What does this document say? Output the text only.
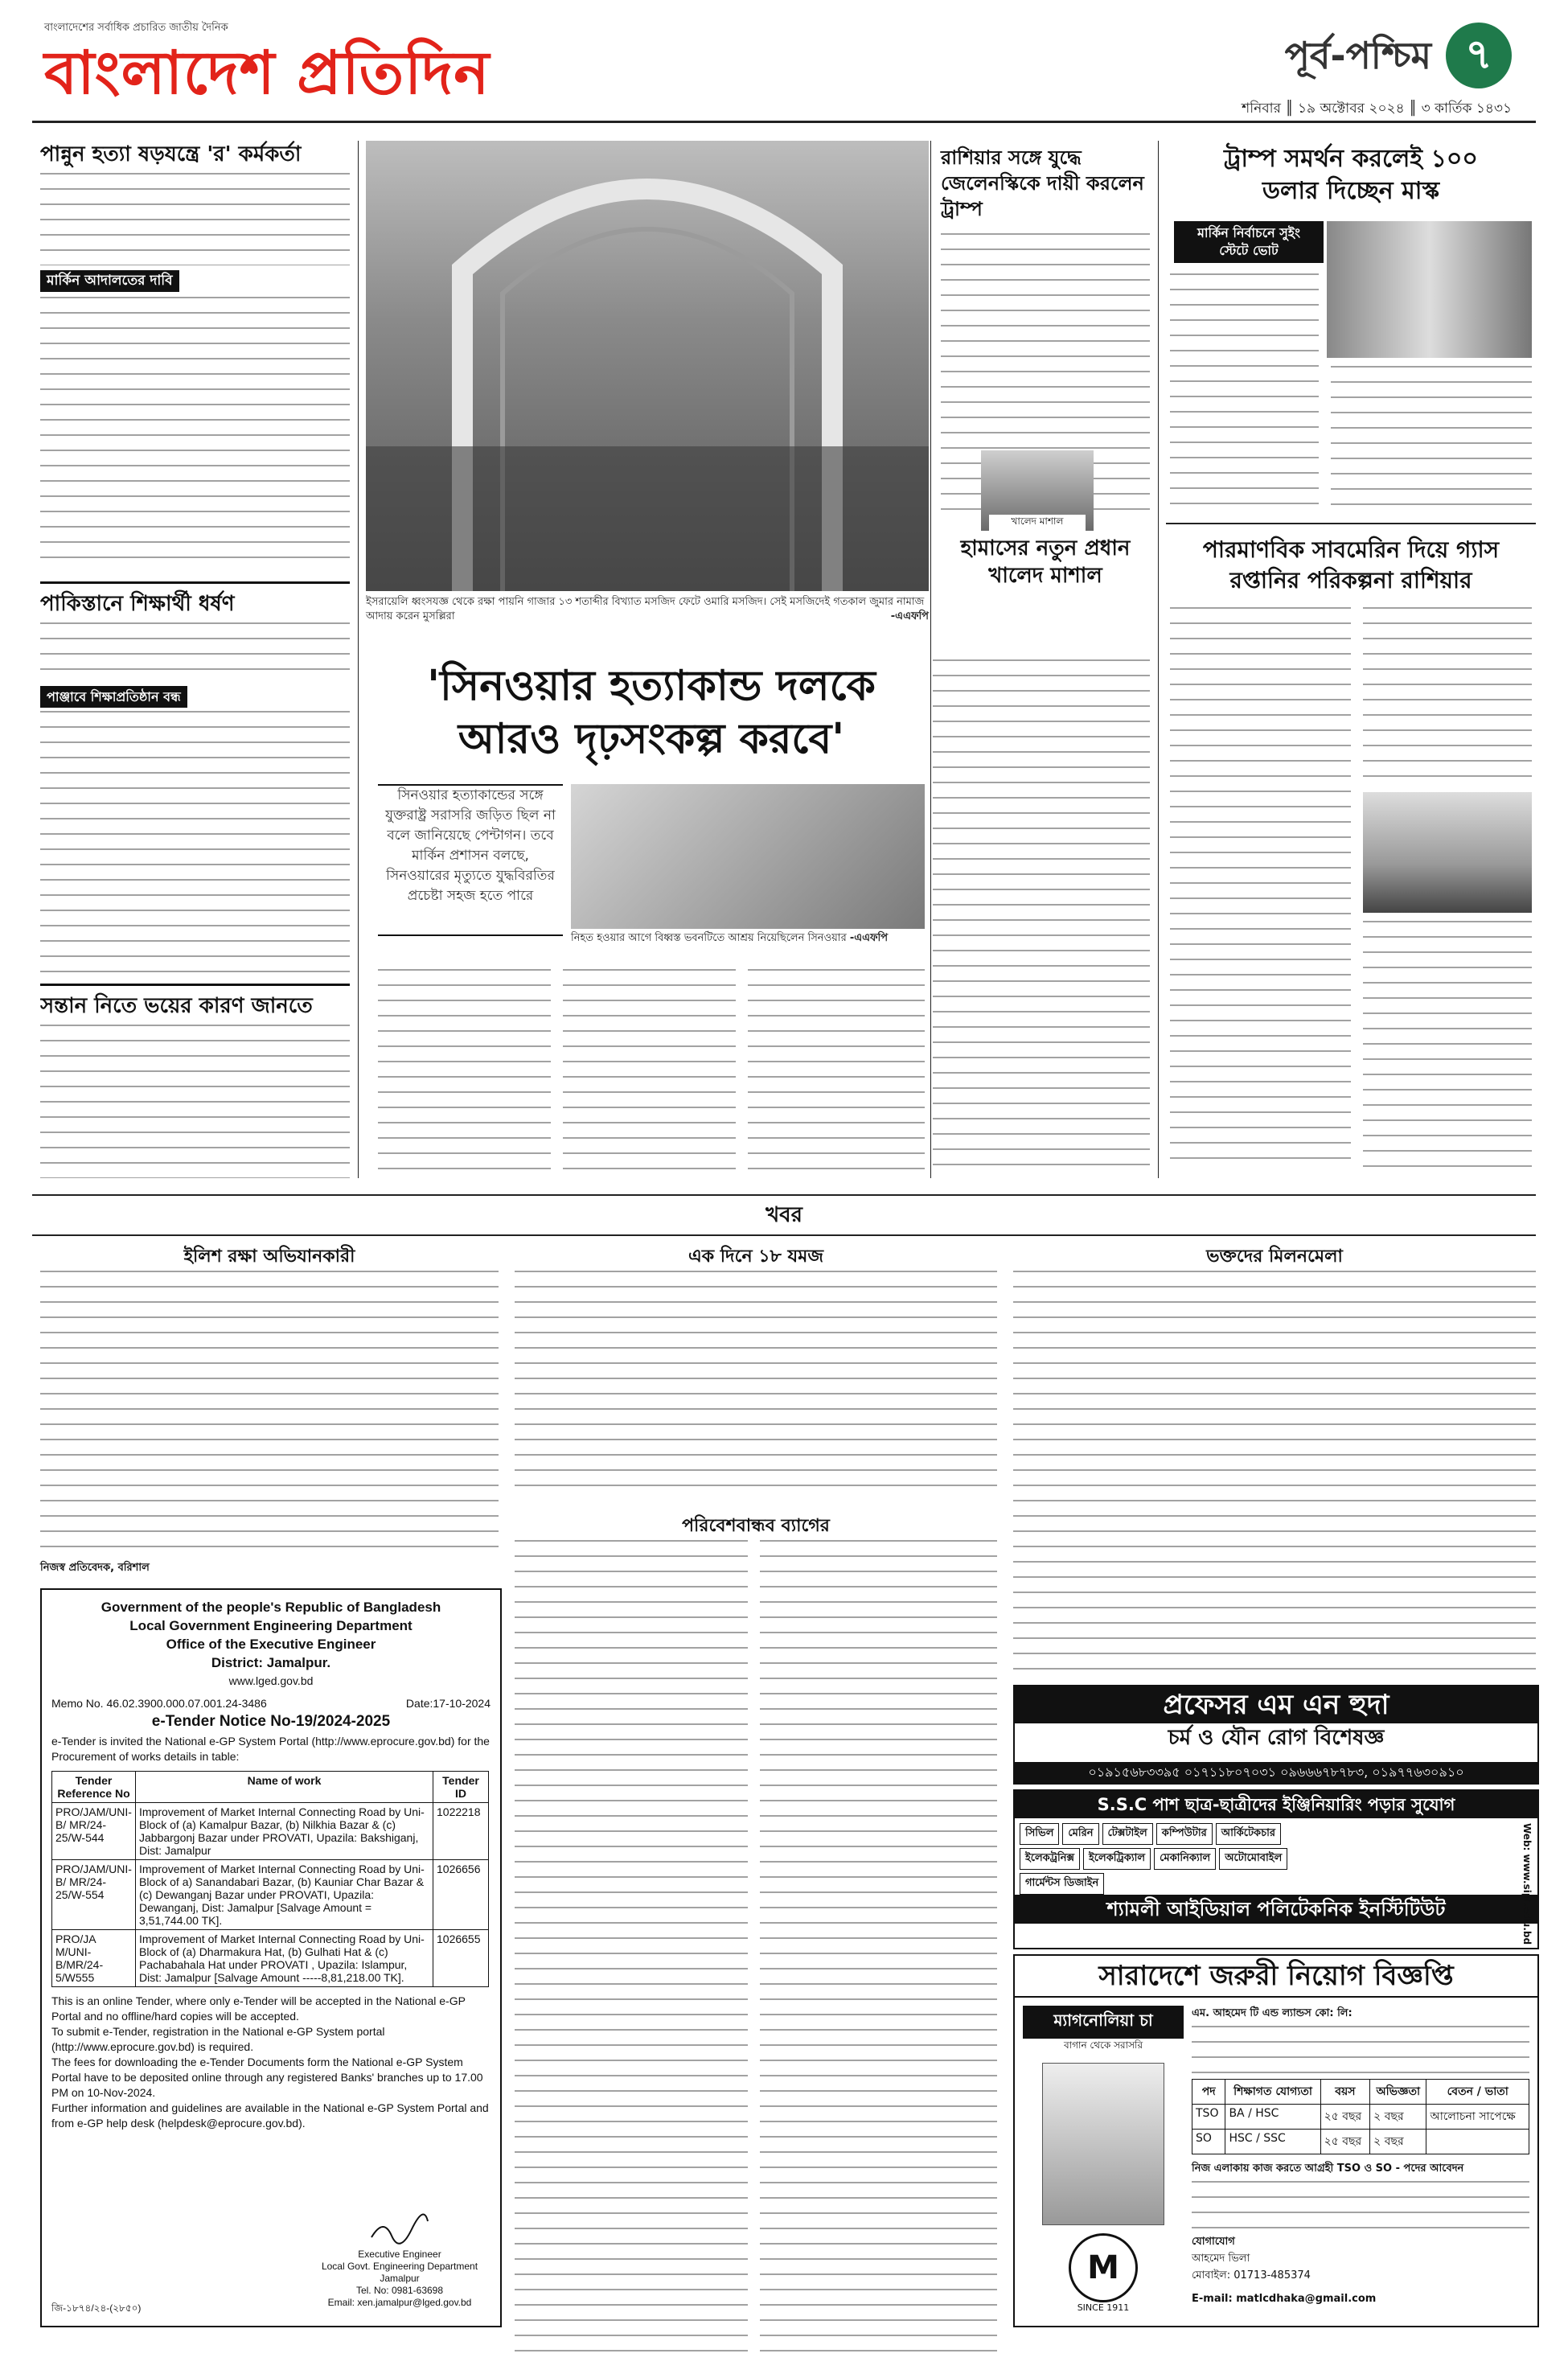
বাংলাদেশের সর্বাধিক প্রচারিত জাতীয় দৈনিক
বাংলাদেশ প্রতিদিন	পূর্ব-পশ্চিম ৭
শনিবার ║ ১৯ অক্টোবর ২০২৪ ║ ৩ কার্তিক ১৪৩১
পান্নুন হত্যা ষড়যন্ত্রে 'র' কর্মকর্তা
মার্কিন আদালতের দাবি
পাকিস্তানে শিক্ষার্থী ধর্ষণ
পাঞ্জাবে শিক্ষাপ্রতিষ্ঠান বন্ধ
সন্তান নিতে ভয়ের কারণ জানতে
ইসরায়েলি ধ্বংসযজ্ঞ থেকে রক্ষা পায়নি গাজার ১৩ শতাব্দীর বিখ্যাত মসজিদ ফেটে ওমারি মসজিদ। সেই মসজিদেই গতকাল জুমার নামাজ আদায় করেন মুসল্লিরা	-এএফপি
'সিনওয়ার হত্যাকান্ড দলকে
আরও দৃঢ়সংকল্প করবে'
সিনওয়ার হত্যাকান্ডের সঙ্গে যুক্তরাষ্ট্র সরাসরি জড়িত ছিল না বলে জানিয়েছে পেন্টাগন। তবে মার্কিন প্রশাসন বলছে, সিনওয়ারের মৃত্যুতে যুদ্ধবিরতির প্রচেষ্টা সহজ হতে পারে
নিহত হওয়ার আগে বিধ্বস্ত ভবনটিতে আশ্রয় নিয়েছিলেন সিনওয়ার -এএফপি
রাশিয়ার সঙ্গে যুদ্ধে জেলেনস্কিকে দায়ী করলেন ট্রাম্প
হামাসের নতুন প্রধান
খালেদ মাশাল
খালেদ মাশাল
ট্রাম্প সমর্থন করলেই ১০০
ডলার দিচ্ছেন মাস্ক
মার্কিন নির্বাচনে সুইং
স্টেটে ভোট
পারমাণবিক সাবমেরিন দিয়ে গ্যাস
রপ্তানির পরিকল্পনা রাশিয়ার
খবর
ইলিশ রক্ষা অভিযানকারী
নিজস্ব প্রতিবেদক, বরিশাল
এক দিনে ১৮ যমজ
পরিবেশবান্ধব ব্যাগের
ভক্তদের মিলনমেলা
Government of the people's Republic of Bangladesh
Local Government Engineering Department
Office of the Executive Engineer
District: Jamalpur.
www.lged.gov.bd
Memo No. 46.02.3900.000.07.001.24-3486	Date:17-10-2024
e-Tender Notice No-19/2024-2025
e-Tender is invited the National e-GP System Portal (http://www.eprocure.gov.bd) for the Procurement of works details in table:
Tender Reference No	Name of work	Tender ID
PRO/JAM/UNI-B/ MR/24-25/W-544	Improvement of Market Internal Connecting Road by Uni-Block of (a) Kamalpur Bazar, (b) Nilkhia Bazar & (c) Jabbargonj Bazar under PROVATI, Upazila: Bakshiganj, Dist: Jamalpur	1022218
PRO/JAM/UNI-B/ MR/24-25/W-554	Improvement of Market Internal Connecting Road by Uni-Block of a) Sanandabari Bazar, (b) Kauniar Char Bazar & (c) Dewanganj Bazar under PROVATI, Upazila: Dewanganj, Dist: Jamalpur [Salvage Amount = 3,51,744.00 TK].	1026656
PRO/JA M/UNI-B/MR/24-5/W555	Improvement of Market Internal Connecting Road by Uni-Block of (a) Dharmakura Hat, (b) Gulhati Hat & (c) Pachabahala Hat under PROVATI , Upazila: Islampur, Dist: Jamalpur [Salvage Amount -----8,81,218.00 TK].	1026655
This is an online Tender, where only e-Tender will be accepted in the National e-GP Portal and no offline/hard copies will be accepted.
To submit e-Tender, registration in the National e-GP System portal (http://www.eprocure.gov.bd) is required.
The fees for downloading the e-Tender Documents form the National e-GP System Portal have to be deposited online through any registered Banks' branches up to 17.00 PM on 10-Nov-2024.
Further information and guidelines are available in the National e-GP System Portal and from e-GP help desk (helpdesk@eprocure.gov.bd).
Executive Engineer
Local Govt. Engineering Department
Jamalpur
Tel. No: 0981-63698
Email: xen.jamalpur@lged.gov.bd
জি-১৮৭৪/২৪-(২৮৫০)
প্রফেসর এম এন হুদা
চর্ম ও যৌন রোগ বিশেষজ্ঞ
০১৯১৫৬৮৩৩৯৫ ০১৭১১৮০৭০৩১ ০৯৬৬৬৭৮৭৮৩, ০১৯৭৭৬৩০৯১০
S.S.C পাশ ছাত্র-ছাত্রীদের ইঞ্জিনিয়ারিং পড়ার সুযোগ
সিভিল	মেরিন	টেক্সটাইল	কম্পিউটার	আর্কিটেকচার
ইলেকট্রনিক্স	ইলেকট্রিক্যাল	মেকানিক্যাল	অটোমোবাইল
গার্মেন্টস ডিজাইন
শ্যামলী আইডিয়াল পলিটেকনিক ইনস্টিটিউট	Web: www.sipi.edu.bd
সারাদেশে জরুরী নিয়োগ বিজ্ঞপ্তি
ম্যাগনোলিয়া চা
বাগান থেকে সরাসরি
M
SINCE 1911
এম. আহমেদ টি এন্ড ল্যান্ডস কো: লি:
পদ	শিক্ষাগত যোগ্যতা	বয়স	অভিজ্ঞতা	বেতন / ভাতা
TSO	BA / HSC	২৫ বছর	২ বছর	আলোচনা সাপেক্ষে
SO	HSC / SSC	২৫ বছর	২ বছর	
নিজ এলাকায় কাজ করতে আগ্রহী TSO ও SO - পদের আবেদন
যোগাযোগ
আহমেদ ভিলা
মোবাইল: 01713-485374
E-mail: matlcdhaka@gmail.com
